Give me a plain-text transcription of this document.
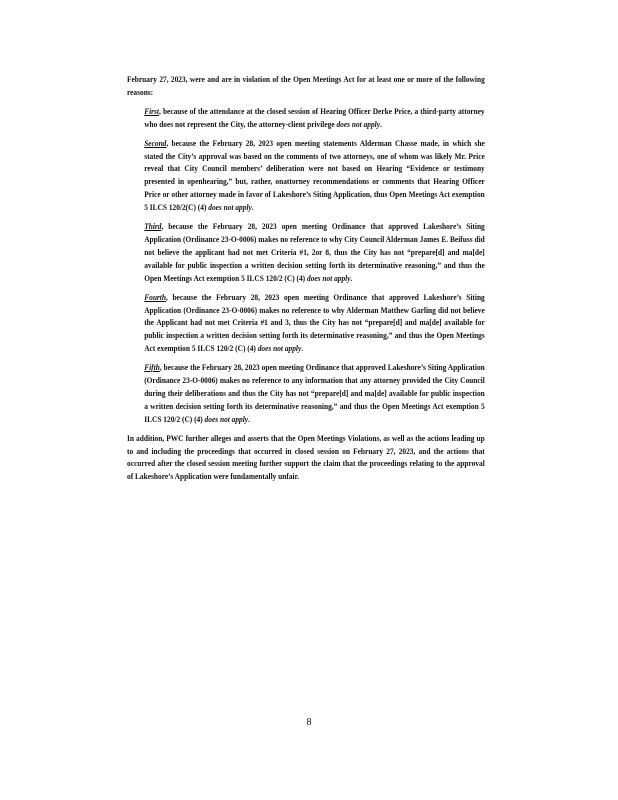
February 27, 2023, were and are in violation of the Open Meetings Act for at least one or more of the following reasons:

First, because of the attendance at the closed session of Hearing Officer Derke Price, a third-party attorney who does not represent the City, the attorney-client privilege does not apply.

Second, because the February 28, 2023 open meeting statements Alderman Chasse made, in which she stated the City’s approval was based on the comments of two attorneys, one of whom was likely Mr. Price reveal that City Council members’ deliberation were not based on Hearing “Evidence or testimony presented in openhearing,” but, rather, onattorney recommendations or comments that Hearing Officer Price or other attorney made in favor of Lakeshore’s Siting Application, thus Open Meetings Act exemption 5 ILCS 120/2(C) (4) does not apply.

Third, because the February 28, 2023 open meeting Ordinance that approved Lakeshore’s Siting Application (Ordinance 23-O-0006) makes no reference to why City Council Alderman James E. Beifuss did not believe the applicant had not met Criteria #1, 2or 8, thus the City has not “prepare[d] and ma[de] available for public inspection a written decision setting forth its determinative reasoning,” and thus the Open Meetings Act exemption 5 ILCS 120/2 (C) (4) does not apply.

Fourth, because the February 28, 2023 open meeting Ordinance that approved Lakeshore’s Siting Application (Ordinance 23-O-0006) makes no reference to why Alderman Matthew Garling did not believe the Applicant had not met Criteria #1 and 3, thus the City has not “prepare[d] and ma[de] available for public inspection a written decision setting forth its determinative reasoning,” and thus the Open Meetings Act exemption 5 ILCS 120/2 (C) (4) does not apply.

Fifth, because the February 28, 2023 open meeting Ordinance that approved Lakeshore’s Siting Application (Ordinance 23-O-0006) makes no reference to any information that any attorney provided the City Council during their deliberations and thus the City has not “prepare[d] and ma[de] available for public inspection a written decision setting forth its determinative reasoning,” and thus the Open Meetings Act exemption 5 ILCS 120/2 (C) (4) does not apply.

In addition, PWC further alleges and asserts that the Open Meetings Violations, as well as the actions leading up to and including the proceedings that occurred in closed session on February 27, 2023, and the actions that occurred after the closed session meeting further support the claim that the proceedings relating to the approval of Lakeshore’s Application were fundamentally unfair.

8
